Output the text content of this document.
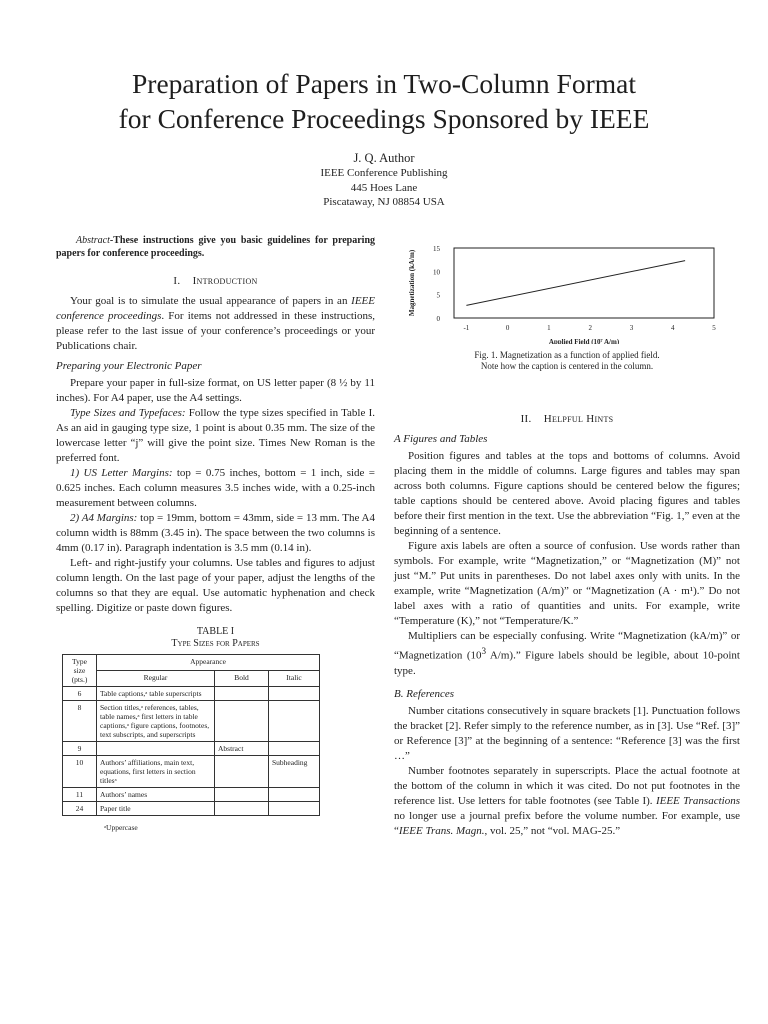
Preparation of Papers in Two-Column Format
for Conference Proceedings Sponsored by IEEE
J. Q. Author
IEEE Conference Publishing
445 Hoes Lane
Piscataway, NJ 08854 USA

Abstract-These instructions give you basic guidelines for preparing papers for conference proceedings.

I. Introduction

Your goal is to simulate the usual appearance of papers in an IEEE conference proceedings. For items not addressed in these instructions, please refer to the last issue of your conference’s proceedings or your Publications chair.

Preparing your Electronic Paper

Prepare your paper in full-size format, on US letter paper (8 ½ by 11 inches). For A4 paper, use the A4 settings.

Type Sizes and Typefaces: Follow the type sizes specified in Table I. As an aid in gauging type size, 1 point is about 0.35 mm. The size of the lowercase letter “j” will give the point size. Times New Roman is the preferred font.

1) US Letter Margins: top = 0.75 inches, bottom = 1 inch, side = 0.625 inches. Each column measures 3.5 inches wide, with a 0.25-inch measurement between columns.

2) A4 Margins: top = 19mm, bottom = 43mm, side = 13 mm. The A4 column width is 88mm (3.45 in). The space between the two columns is 4mm (0.17 in). Paragraph indentation is 3.5 mm (0.14 in).

Left- and right-justify your columns. Use tables and figures to adjust column length. On the last page of your paper, adjust the lengths of the columns so that they are equal. Use automatic hyphenation and check spelling. Digitize or paste down figures.

TABLE I
Type Sizes for Papers
Type size (pts.)	Appearance		
	Regular	Bold	Italic
6	Table captions,ᵃ table superscripts		
8	Section titles,ᵃ references, tables, table names,ᵃ first letters in table captions,ᵃ figure captions, footnotes, text subscripts, and superscripts		
9		Abstract	
10	Authors’ affiliations, main text, equations, first letters in section titlesᵃ		Subheading
11	Authors’ names		
24	Paper title		
ᵃUppercase
-1	0	1	2	3	4	5
0
5
10
15
Applied Field (10⁷ A/m)
Magnetization (kA/m)
Fig. 1. Magnetization as a function of applied field.
Note how the caption is centered in the column.
II. Helpful Hints

A Figures and Tables

Position figures and tables at the tops and bottoms of columns. Avoid placing them in the middle of columns. Large figures and tables may span across both columns. Figure captions should be centered below the figures; table captions should be centered above. Avoid placing figures and tables before their first mention in the text. Use the abbreviation “Fig. 1,” even at the beginning of a sentence.

Figure axis labels are often a source of confusion. Use words rather than symbols. For example, write “Magnetization,” or “Magnetization (M)” not just “M.” Put units in parentheses. Do not label axes only with units. In the example, write “Magnetization (A/m)” or “Magnetization (A · m¹).” Do not label axes with a ratio of quantities and units. For example, write “Temperature (K),” not “Temperature/K.”

Multipliers can be especially confusing. Write “Magnetization (kA/m)” or “Magnetization ($10^3$ A/m).” Figure labels should be legible, about 10-point type.

B. References

Number citations consecutively in square brackets [1]. Punctuation follows the bracket [2]. Refer simply to the reference number, as in [3]. Use “Ref. [3]” or Reference [3]” at the beginning of a sentence: “Reference [3] was the first …”

Number footnotes separately in superscripts. Place the actual footnote at the bottom of the column in which it was cited. Do not put footnotes in the reference list. Use letters for table footnotes (see Table I). IEEE Transactions no longer use a journal prefix before the volume number. For example, use “IEEE Trans. Magn., vol. 25,” not “vol. MAG-25.”
